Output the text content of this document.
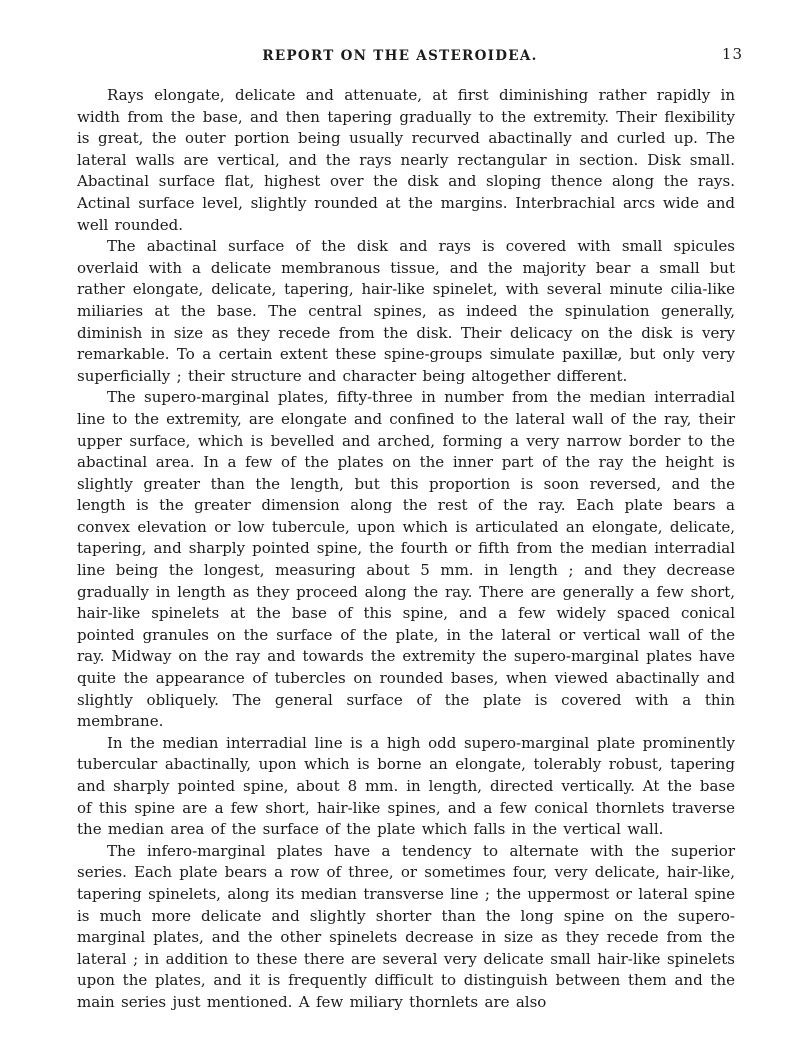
REPORT ON THE ASTEROIDEA.	13

Rays elongate, delicate and attenuate, at first diminishing rather rapidly in width from the base, and then tapering gradually to the extremity. Their flexibility is great, the outer portion being usually recurved abactinally and curled up. The lateral walls are vertical, and the rays nearly rectangular in section. Disk small. Abactinal surface flat, highest over the disk and sloping thence along the rays. Actinal surface level, slightly rounded at the margins. Interbrachial arcs wide and well rounded.

The abactinal surface of the disk and rays is covered with small spicules overlaid with a delicate membranous tissue, and the majority bear a small but rather elongate, delicate, tapering, hair-like spinelet, with several minute cilia-like miliaries at the base. The central spines, as indeed the spinulation generally, diminish in size as they recede from the disk. Their delicacy on the disk is very remarkable. To a certain extent these spine-groups simulate paxillæ, but only very superficially ; their structure and character being altogether different.

The supero-marginal plates, fifty-three in number from the median interradial line to the extremity, are elongate and confined to the lateral wall of the ray, their upper surface, which is bevelled and arched, forming a very narrow border to the abactinal area. In a few of the plates on the inner part of the ray the height is slightly greater than the length, but this proportion is soon reversed, and the length is the greater dimension along the rest of the ray. Each plate bears a convex elevation or low tubercule, upon which is articulated an elongate, delicate, tapering, and sharply pointed spine, the fourth or fifth from the median interradial line being the longest, measuring about 5 mm. in length ; and they decrease gradually in length as they proceed along the ray. There are generally a few short, hair-like spinelets at the base of this spine, and a few widely spaced conical pointed granules on the surface of the plate, in the lateral or vertical wall of the ray. Midway on the ray and towards the extremity the supero-marginal plates have quite the appearance of tubercles on rounded bases, when viewed abactinally and slightly obliquely. The general surface of the plate is covered with a thin membrane.

In the median interradial line is a high odd supero-marginal plate prominently tubercular abactinally, upon which is borne an elongate, tolerably robust, tapering and sharply pointed spine, about 8 mm. in length, directed vertically. At the base of this spine are a few short, hair-like spines, and a few conical thornlets traverse the median area of the surface of the plate which falls in the vertical wall.

The infero-marginal plates have a tendency to alternate with the superior series. Each plate bears a row of three, or sometimes four, very delicate, hair-like, tapering spinelets, along its median transverse line ; the uppermost or lateral spine is much more delicate and slightly shorter than the long spine on the supero-marginal plates, and the other spinelets decrease in size as they recede from the lateral ; in addition to these there are several very delicate small hair-like spinelets upon the plates, and it is frequently difficult to distinguish between them and the main series just mentioned. A few miliary thornlets are also
